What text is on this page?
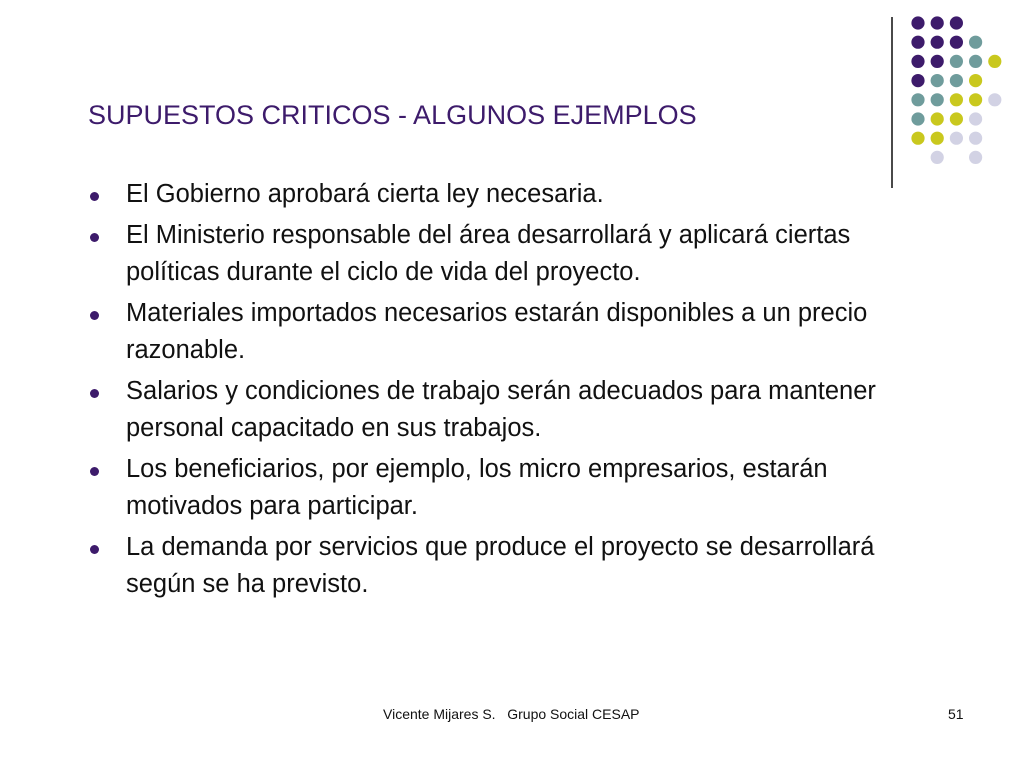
SUPUESTOS CRITICOS - ALGUNOS EJEMPLOS
El Gobierno aprobará cierta ley necesaria.
El Ministerio responsable del área desarrollará y aplicará ciertas políticas durante el ciclo de vida del proyecto.
Materiales importados necesarios estarán disponibles a un precio razonable.
Salarios y condiciones de trabajo serán adecuados para mantener personal capacitado en sus trabajos.
Los beneficiarios, por ejemplo, los micro empresarios, estarán motivados para participar.
La demanda por servicios que produce el proyecto se desarrollará según se ha previsto.
Vicente Mijares S.   Grupo Social CESAP	51
